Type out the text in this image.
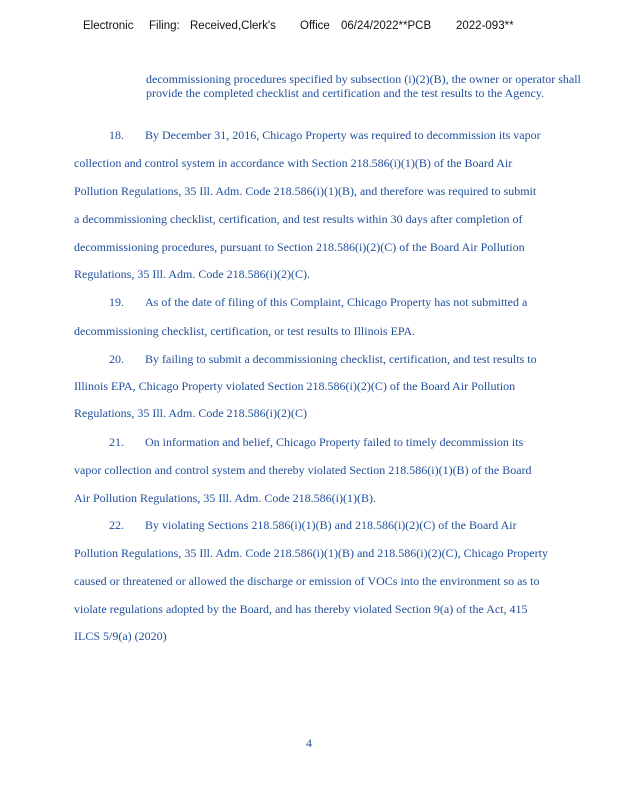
Electronic Filing: Received,Clerk's Office 06/24/2022**PCB 2022-093**
decommissioning procedures specified by subsection (i)(2)(B), the owner or operator shall provide the completed checklist and certification and the test results to the Agency.
18. By December 31, 2016, Chicago Property was required to decommission its vapor
collection and control system in accordance with Section 218.586(i)(1)(B) of the Board Air
Pollution Regulations, 35 Ill. Adm. Code 218.586(i)(1)(B), and therefore was required to submit
a decommissioning checklist, certification, and test results within 30 days after completion of
decommissioning procedures, pursuant to Section 218.586(i)(2)(C) of the Board Air Pollution
Regulations, 35 Ill. Adm. Code 218.586(i)(2)(C).
19. As of the date of filing of this Complaint, Chicago Property has not submitted a
decommissioning checklist, certification, or test results to Illinois EPA.
20. By failing to submit a decommissioning checklist, certification, and test results to
Illinois EPA, Chicago Property violated Section 218.586(i)(2)(C) of the Board Air Pollution
Regulations, 35 Ill. Adm. Code 218.586(i)(2)(C)
21. On information and belief, Chicago Property failed to timely decommission its
vapor collection and control system and thereby violated Section 218.586(i)(1)(B) of the Board
Air Pollution Regulations, 35 Ill. Adm. Code 218.586(i)(1)(B).
22. By violating Sections 218.586(i)(1)(B) and 218.586(i)(2)(C) of the Board Air
Pollution Regulations, 35 Ill. Adm. Code 218.586(i)(1)(B) and 218.586(i)(2)(C), Chicago Property
caused or threatened or allowed the discharge or emission of VOCs into the environment so as to
violate regulations adopted by the Board, and has thereby violated Section 9(a) of the Act, 415
ILCS 5/9(a) (2020)
4
